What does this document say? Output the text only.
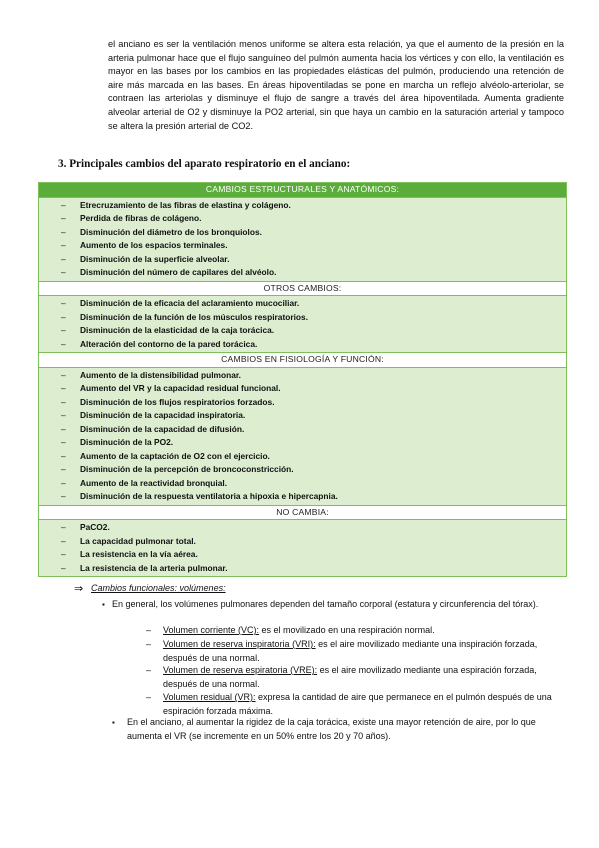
el anciano es ser la ventilación menos uniforme se altera esta relación, ya que el aumento de la presión en la arteria pulmonar hace que el flujo sanguíneo del pulmón aumenta hacia los vértices y con ello, la ventilación es mayor en las bases por los cambios en las propiedades elásticas del pulmón, produciendo una retención de aire más marcada en las bases. En áreas hipoventiladas se pone en marcha un reflejo alvéolo-arteriolar, se contraen las arteriolas y disminuye el flujo de sangre a través del área hipoventilada. Aumenta gradiente alveolar arterial de O2 y disminuye la PO2 arterial, sin que haya un cambio en la saturación arterial y tampoco se altera la presión arterial de CO2.
3. Principales cambios del aparato respiratorio en el anciano:
CAMBIOS ESTRUCTURALES Y ANATÓMICOS:
– Etrecruzamiento de las fibras de elastina y colágeno.
– Perdida de fibras de colágeno.
– Disminución del diámetro de los bronquiolos.
– Aumento de los espacios terminales.
– Disminución de la superficie alveolar.
– Disminución del número de capilares del alvéolo.
OTROS CAMBIOS:
– Disminución de la eficacia del aclaramiento mucociliar.
– Disminución de la función de los músculos respiratorios.
– Disminución de la elasticidad de la caja torácica.
– Alteración del contorno de la pared torácica.
CAMBIOS EN FISIOLOGÍA Y FUNCIÓN:
– Aumento de la distensibilidad pulmonar.
– Aumento del VR y la capacidad residual funcional.
– Disminución de los flujos respiratorios forzados.
– Disminución de la capacidad inspiratoria.
– Disminución de la capacidad de difusión.
– Disminución de la PO2.
– Aumento de la captación de O2 con el ejercicio.
– Disminución de la percepción de broncoconstricción.
– Aumento de la reactividad bronquial.
– Disminución de la respuesta ventilatoria a hipoxia e hipercapnia.
NO CAMBIA:
– PaCO2.
– La capacidad pulmonar total.
– La resistencia en la vía aérea.
– La resistencia de la arteria pulmonar.
⇒ Cambios funcionales: volúmenes:
▪ En general, los volúmenes pulmonares dependen del tamaño corporal (estatura y circunferencia del tórax).
– Volumen corriente (VC): es el movilizado en una respiración normal.
– Volumen de reserva inspiratoria (VRI): es el aire movilizado mediante una inspiración forzada, después de una normal.
– Volumen de reserva espiratoria (VRE): es el aire movilizado mediante una espiración forzada, después de una normal.
– Volumen residual (VR): expresa la cantidad de aire que permanece en el pulmón después de una espiración forzada máxima.
▪ En el anciano, al aumentar la rigidez de la caja torácica, existe una mayor retención de aire, por lo que aumenta el VR (se incremente en un 50% entre los 20 y 70 años).
